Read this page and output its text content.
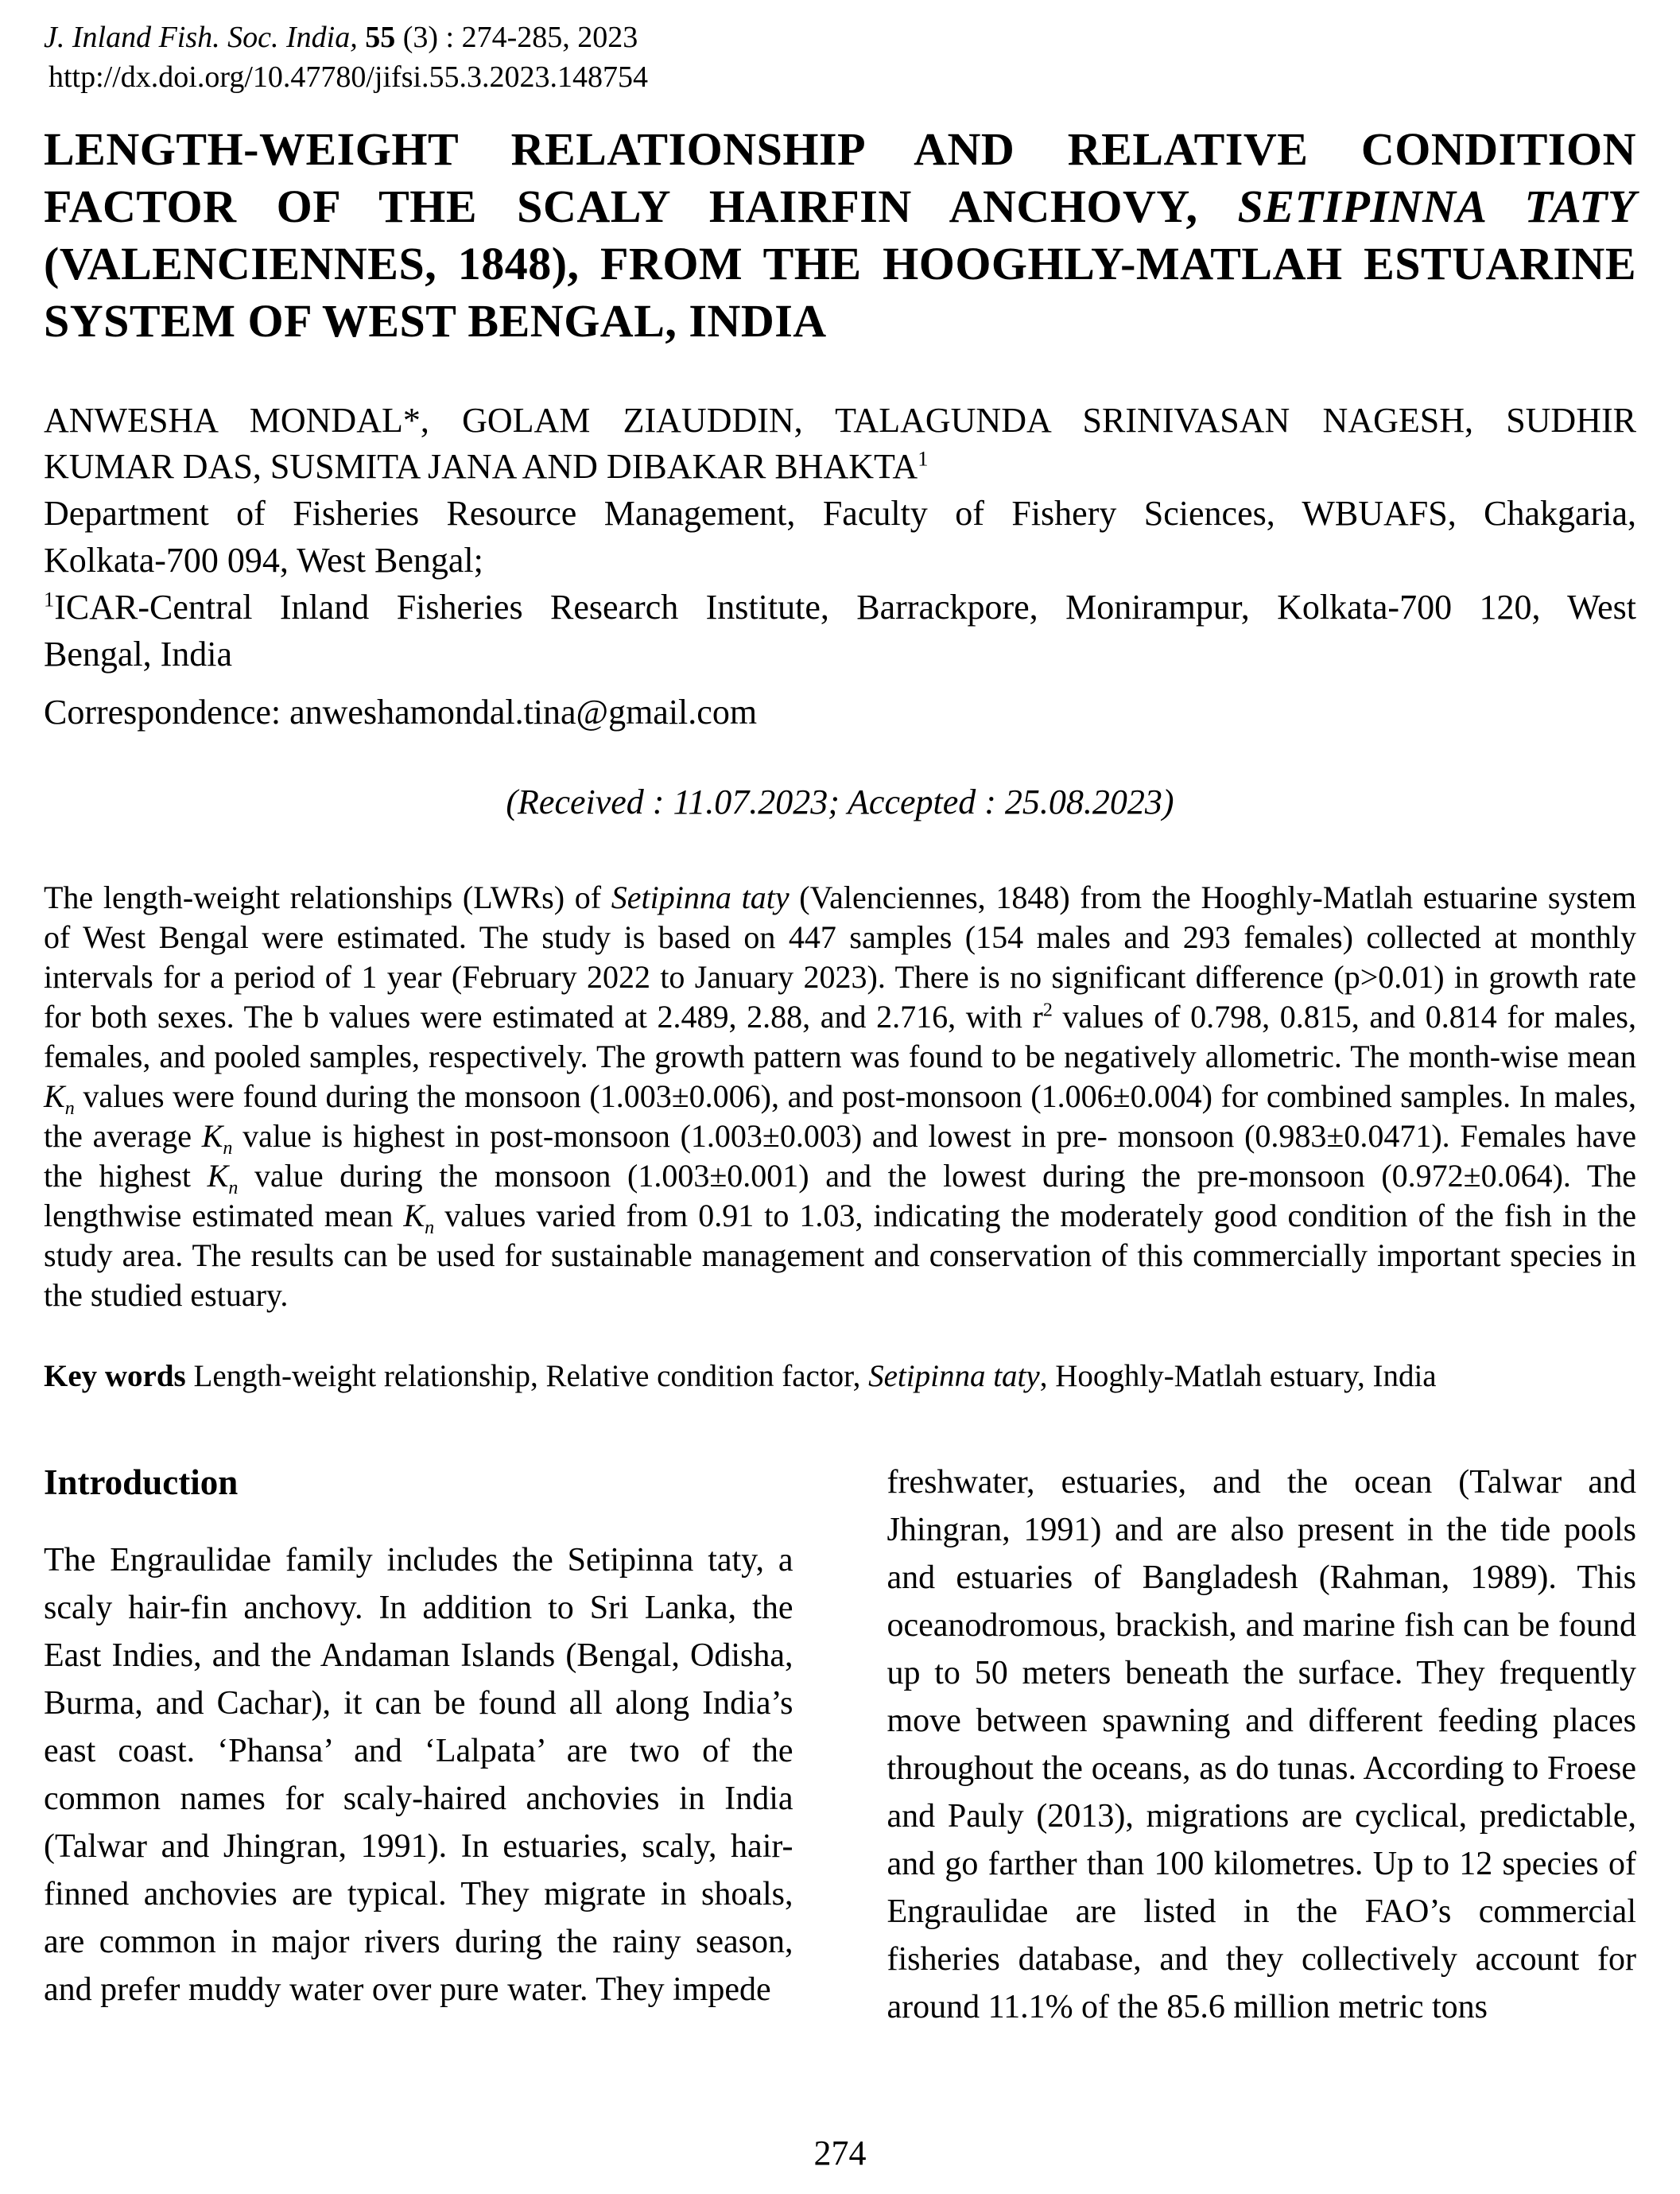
J. Inland Fish. Soc. India, 55 (3) : 274-285, 2023
http://dx.doi.org/10.47780/jifsi.55.3.2023.148754
LENGTH-WEIGHT RELATIONSHIP AND RELATIVE CONDITION
FACTOR OF THE SCALY HAIRFIN ANCHOVY, SETIPINNA TATY
(VALENCIENNES, 1848), FROM THE HOOGHLY-MATLAH ESTUARINE
SYSTEM OF WEST BENGAL, INDIA
ANWESHA MONDAL*, GOLAM ZIAUDDIN, TALAGUNDA SRINIVASAN NAGESH, SUDHIR
KUMAR DAS, SUSMITA JANA AND DIBAKAR BHAKTA$^1$
Department of Fisheries Resource Management, Faculty of Fishery Sciences, WBUAFS, Chakgaria,
Kolkata-700 094, West Bengal;
$^1$ICAR-Central Inland Fisheries Research Institute, Barrackpore, Monirampur, Kolkata-700 120, West
Bengal, India
Correspondence: anweshamondal.tina@gmail.com
(Received : 11.07.2023; Accepted : 25.08.2023)

The length-weight relationships (LWRs) of Setipinna taty (Valenciennes, 1848) from the Hooghly-Matlah estuarine system of West Bengal were estimated. The study is based on 447 samples (154 males and 293 females) collected at monthly intervals for a period of 1 year (February 2022 to January 2023). There is no significant difference (p>0.01) in growth rate for both sexes. The b values were estimated at 2.489, 2.88, and 2.716, with $r^2$ values of 0.798, 0.815, and 0.814 for males, females, and pooled samples, respectively. The growth pattern was found to be negatively allometric. The month-wise mean $K_n$ values were found during the monsoon (1.003±0.006), and post-monsoon (1.006±0.004) for combined samples. In males, the average $K_n$ value is highest in post-monsoon (1.003±0.003) and lowest in pre- monsoon (0.983±0.0471). Females have the highest $K_n$ value during the monsoon (1.003±0.001) and the lowest during the pre-monsoon (0.972±0.064). The lengthwise estimated mean $K_n$ values varied from 0.91 to 1.03, indicating the moderately good condition of the fish in the study area. The results can be used for sustainable management and conservation of this commercially important species in the studied estuary.

Key words Length-weight relationship, Relative condition factor, Setipinna taty, Hooghly-Matlah estuary, India

Introduction

The Engraulidae family includes the Setipinna taty, a scaly hair-fin anchovy. In addition to Sri Lanka, the East Indies, and the Andaman Islands (Bengal, Odisha, Burma, and Cachar), it can be found all along India’s east coast. ‘Phansa’ and ‘Lalpata’ are two of the common names for scaly-haired anchovies in India (Talwar and Jhingran, 1991). In estuaries, scaly, hair-finned anchovies are typical. They migrate in shoals, are common in major rivers during the rainy season, and prefer muddy water over pure water. They impede

freshwater, estuaries, and the ocean (Talwar and Jhingran, 1991) and are also present in the tide pools and estuaries of Bangladesh (Rahman, 1989). This oceanodromous, brackish, and marine fish can be found up to 50 meters beneath the surface. They frequently move between spawning and different feeding places throughout the oceans, as do tunas. According to Froese and Pauly (2013), migrations are cyclical, predictable, and go farther than 100 kilometres. Up to 12 species of Engraulidae are listed in the FAO’s commercial fisheries database, and they collectively account for around 11.1% of the 85.6 million metric tons

274
